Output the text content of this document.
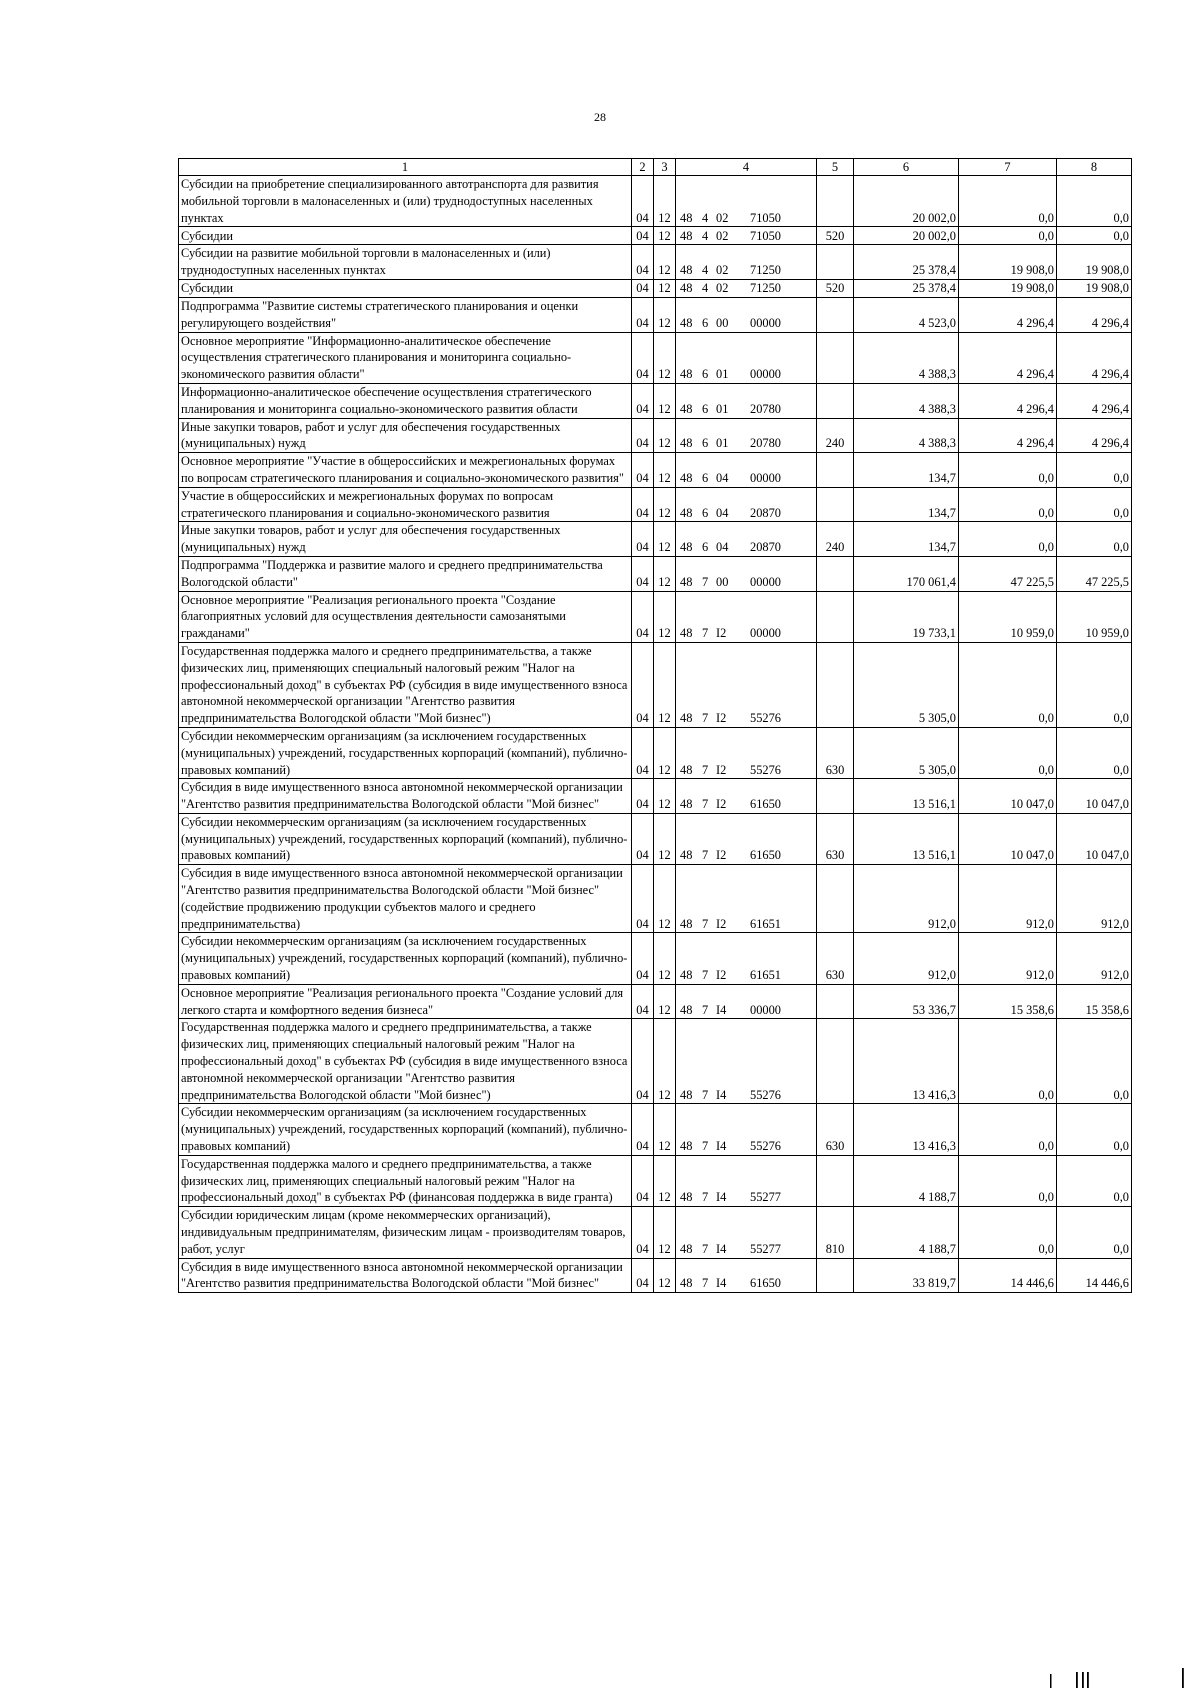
28
1	2	3	4	5	6	7	8
Субсидии на приобретение специализированного автотранспорта для развития мобильной торговли в малонаселенных и (или) труднодоступных населенных пунктах	04	12	48 4 02 71050		20 002,0	0,0	0,0
Субсидии	04	12	48 4 02 71050	520	20 002,0	0,0	0,0
Субсидии на развитие мобильной торговли в малонаселенных и (или) труднодоступных населенных пунктах	04	12	48 4 02 71250		25 378,4	19 908,0	19 908,0
Субсидии	04	12	48 4 02 71250	520	25 378,4	19 908,0	19 908,0
Подпрограмма "Развитие системы стратегического планирования и оценки регулирующего воздействия"	04	12	48 6 00 00000		4 523,0	4 296,4	4 296,4
Основное мероприятие "Информационно-аналитическое обеспечение осуществления стратегического планирования и мониторинга социально-экономического развития области"	04	12	48 6 01 00000		4 388,3	4 296,4	4 296,4
Информационно-аналитическое обеспечение осуществления стратегического планирования и мониторинга социально-экономического развития области	04	12	48 6 01 20780		4 388,3	4 296,4	4 296,4
Иные закупки товаров, работ и услуг для обеспечения государственных (муниципальных) нужд	04	12	48 6 01 20780	240	4 388,3	4 296,4	4 296,4
Основное мероприятие "Участие в общероссийских и межрегиональных форумах по вопросам стратегического планирования и социально-экономического развития"	04	12	48 6 04 00000		134,7	0,0	0,0
Участие в общероссийских и межрегиональных форумах по вопросам стратегического планирования и социально-экономического развития	04	12	48 6 04 20870		134,7	0,0	0,0
Иные закупки товаров, работ и услуг для обеспечения государственных (муниципальных) нужд	04	12	48 6 04 20870	240	134,7	0,0	0,0
Подпрограмма "Поддержка и развитие малого и среднего предпринимательства Вологодской области"	04	12	48 7 00 00000		170 061,4	47 225,5	47 225,5
Основное мероприятие "Реализация регионального проекта "Создание благоприятных условий для осуществления деятельности самозанятыми гражданами"	04	12	48 7 I2 00000		19 733,1	10 959,0	10 959,0
Государственная поддержка малого и среднего предпринимательства, а также физических лиц, применяющих специальный налоговый режим "Налог на профессиональный доход" в субъектах РФ (субсидия в виде имущественного взноса автономной некоммерческой организации "Агентство развития предпринимательства Вологодской области "Мой бизнес")	04	12	48 7 I2 55276		5 305,0	0,0	0,0
Субсидии некоммерческим организациям (за исключением государственных (муниципальных) учреждений, государственных корпораций (компаний), публично-правовых компаний)	04	12	48 7 I2 55276	630	5 305,0	0,0	0,0
Субсидия в виде имущественного взноса автономной некоммерческой организации "Агентство развития предпринимательства Вологодской области "Мой бизнес"	04	12	48 7 I2 61650		13 516,1	10 047,0	10 047,0
Субсидии некоммерческим организациям (за исключением государственных (муниципальных) учреждений, государственных корпораций (компаний), публично-правовых компаний)	04	12	48 7 I2 61650	630	13 516,1	10 047,0	10 047,0
Субсидия в виде имущественного взноса автономной некоммерческой организации "Агентство развития предпринимательства Вологодской области "Мой бизнес" (содействие продвижению продукции субъектов малого и среднего предпринимательства)	04	12	48 7 I2 61651		912,0	912,0	912,0
Субсидии некоммерческим организациям (за исключением государственных (муниципальных) учреждений, государственных корпораций (компаний), публично-правовых компаний)	04	12	48 7 I2 61651	630	912,0	912,0	912,0
Основное мероприятие "Реализация регионального проекта "Создание условий для легкого старта и комфортного ведения бизнеса"	04	12	48 7 I4 00000		53 336,7	15 358,6	15 358,6
Государственная поддержка малого и среднего предпринимательства, а также физических лиц, применяющих специальный налоговый режим "Налог на профессиональный доход" в субъектах РФ (субсидия в виде имущественного взноса автономной некоммерческой организации "Агентство развития предпринимательства Вологодской области "Мой бизнес")	04	12	48 7 I4 55276		13 416,3	0,0	0,0
Субсидии некоммерческим организациям (за исключением государственных (муниципальных) учреждений, государственных корпораций (компаний), публично-правовых компаний)	04	12	48 7 I4 55276	630	13 416,3	0,0	0,0
Государственная поддержка малого и среднего предпринимательства, а также физических лиц, применяющих специальный налоговый режим "Налог на профессиональный доход" в субъектах РФ (финансовая поддержка в виде гранта)	04	12	48 7 I4 55277		4 188,7	0,0	0,0
Субсидии юридическим лицам (кроме некоммерческих организаций), индивидуальным предпринимателям, физическим лицам - производителям товаров, работ, услуг	04	12	48 7 I4 55277	810	4 188,7	0,0	0,0
Субсидия в виде имущественного взноса автономной некоммерческой организации "Агентство развития предпринимательства Вологодской области "Мой бизнес"	04	12	48 7 I4 61650		33 819,7	14 446,6	14 446,6
